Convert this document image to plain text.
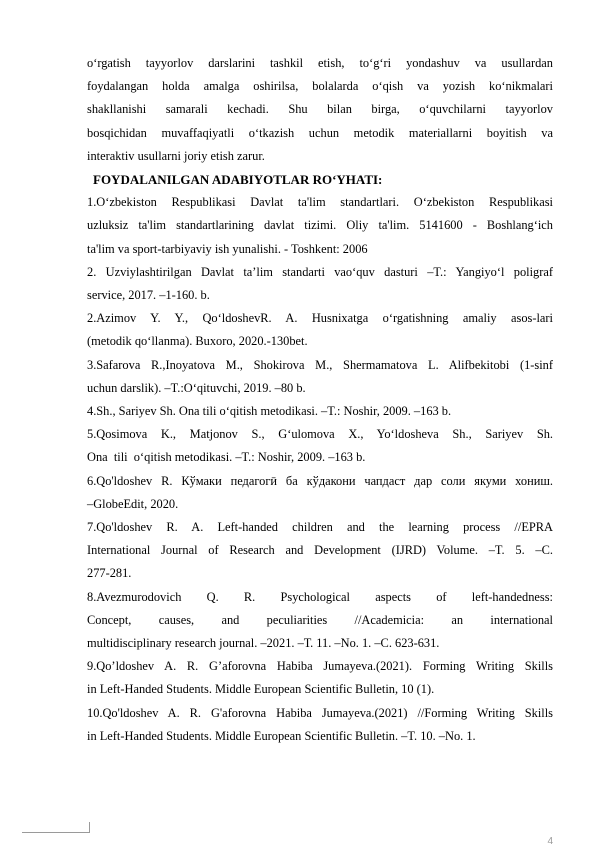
o‘rgatish tayyorlov darslarini tashkil etish, to‘g‘ri yondashuv va usullardan

foydalangan holda amalga oshirilsa, bolalarda o‘qish va yozish ko‘nikmalari

shakllanishi samarali kechadi. Shu bilan birga, o‘quvchilarni tayyorlov

bosqichidan muvaffaqiyatli o‘tkazish uchun metodik materiallarni boyitish va

interaktiv usullarni joriy etish zarur.

FOYDALANILGAN ADABIYOTLAR RO‘YHATI:

1.O‘zbekiston Respublikasi Davlat ta'lim standartlari. O‘zbekiston Respublikasi

uzluksiz ta'lim standartlarining davlat tizimi. Oliy ta'lim. 5141600 - Boshlang‘ich

ta'lim va sport-tarbiyaviy ish yunalishi. - Toshkent: 2006

2. Uzviylashtirilgan Davlat ta’lim standarti vao‘quv dasturi –T.: Yangiyo‘l poligraf

service, 2017. –1-160. b.

2.Azimov Y. Y., Qo‘ldoshevR. A. Husnixatga o‘rgatishning amaliy asos-lari

(metodik qo‘llanma). Buxoro, 2020.-130bet.

3.Safarova R.,Inoyatova M., Shokirova M., Shermamatova L. Alifbekitobi (1-sinf

uchun darslik). –T.:O‘qituvchi, 2019. –80 b.

4.Sh., Sariyev Sh. Ona tili o‘qitish metodikasi. –T.: Noshir, 2009. –163 b.

5.Qosimova K., Matjonov S., G‘ulomova X., Yo‘ldosheva Sh., Sariyev Sh.

Ona  tili  o‘qitish metodikasi. –T.: Noshir, 2009. –163 b.

6.Qo'ldoshev R. Кўмаки педагогӣ ба кўдакони чапдаст дар соли якуми хониш.

–GlobeEdit, 2020.

7.Qo'ldoshev R. A. Left-handed children and the learning process //EPRA

International Journal of Research and Development (IJRD) Volume. –T. 5. –С.

277-281.

8.Avezmurodovich Q. R. Psychological aspects of left-handedness:

Concept, causes, and peculiarities //Academicia: an international

multidisciplinary research journal. –2021. –Т. 11. –No. 1. –С. 623-631.

9.Qo’ldoshev A. R. G’aforovna Habiba Jumayeva.(2021). Forming Writing Skills

in Left-Handed Students. Middle European Scientific Bulletin, 10 (1).

10.Qo'ldoshev A. R. G'aforovna Habiba Jumayeva.(2021) //Forming Writing Skills

in Left-Handed Students. Middle European Scientific Bulletin. –T. 10. –No. 1.

4
